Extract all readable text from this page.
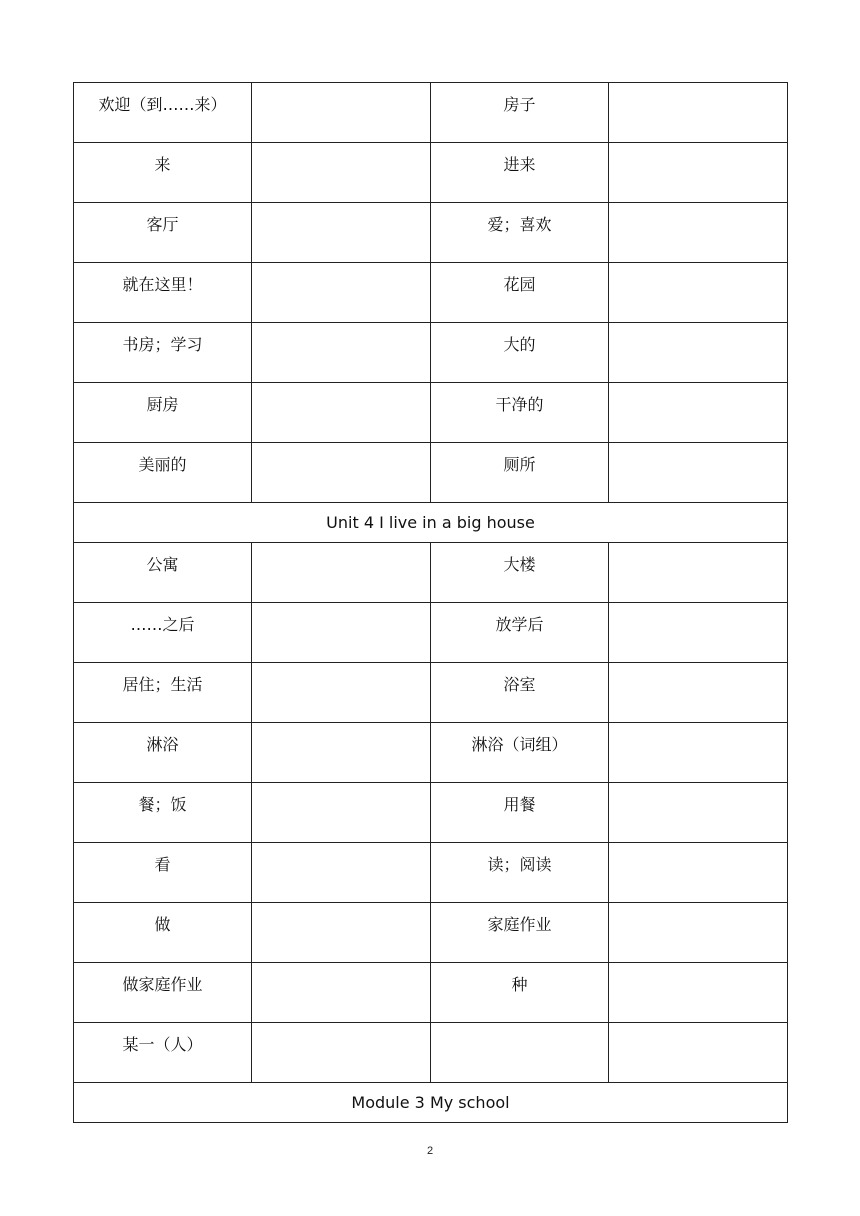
欢迎（到……来）		房子	

来		进来	

客厅		爱；喜欢	

就在这里！		花园	

书房；学习		大的	

厨房		干净的	

美丽的		厕所	

Unit 4 I live in a big house			

公寓		大楼	

……之后		放学后	

居住；生活		浴室	

淋浴		淋浴（词组）	

餐；饭		用餐	

看		读；阅读	

做		家庭作业	

做家庭作业		种	

某一（人）			

Module 3 My school			
2
